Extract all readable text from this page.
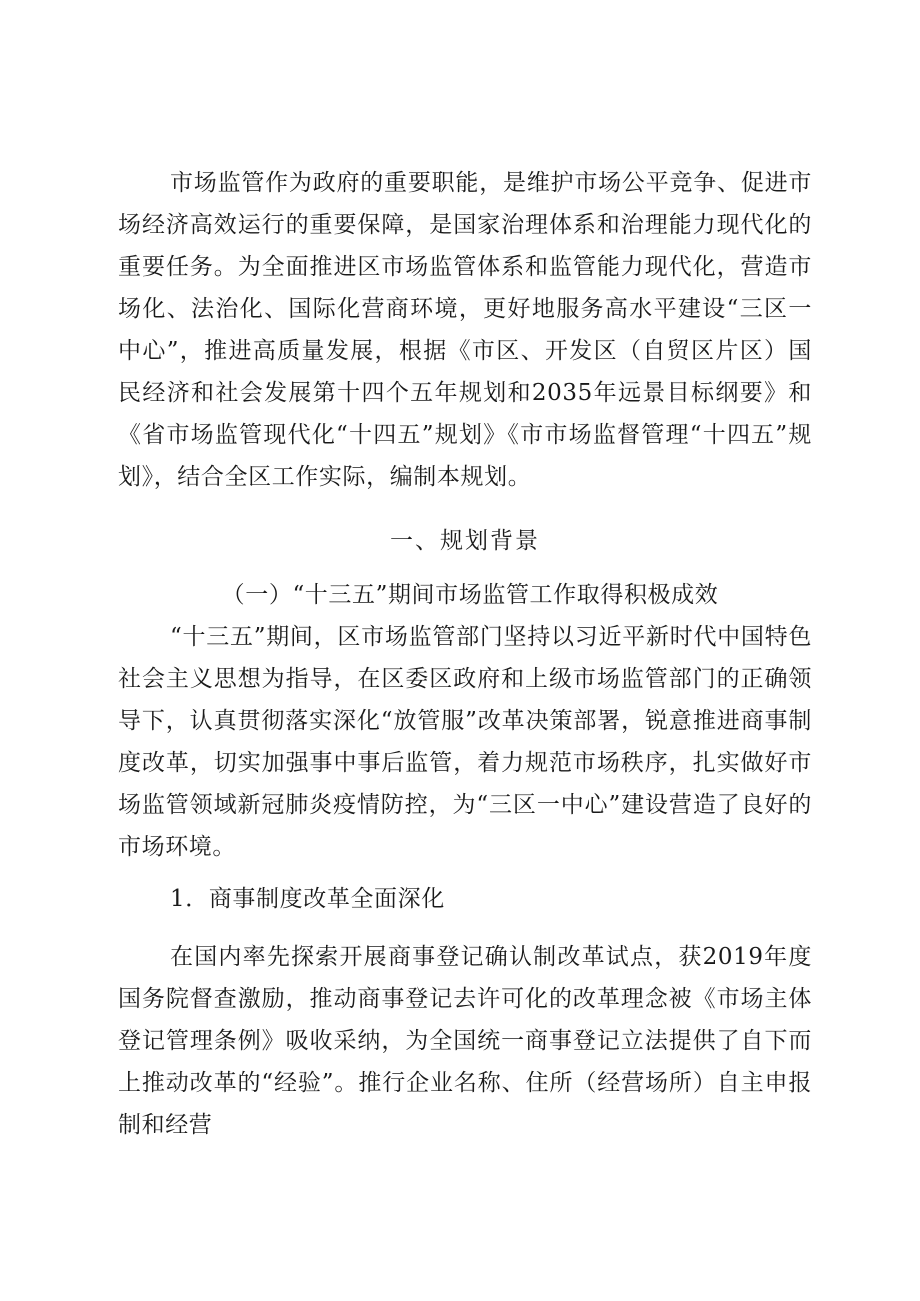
市场监管作为政府的重要职能，是维护市场公平竞争、促进市场经济高效运行的重要保障，是国家治理体系和治理能力现代化的重要任务。为全面推进区市场监管体系和监管能力现代化，营造市场化、法治化、国际化营商环境，更好地服务高水平建设“三区一中心”，推进高质量发展，根据《市区、开发区（自贸区片区）国民经济和社会发展第十四个五年规划和2035年远景目标纲要》和《省市场监管现代化“十四五”规划》《市市场监督管理“十四五”规划》，结合全区工作实际，编制本规划。

一、规划背景

（一）“十三五”期间市场监管工作取得积极成效

“十三五”期间，区市场监管部门坚持以习近平新时代中国特色社会主义思想为指导，在区委区政府和上级市场监管部门的正确领导下，认真贯彻落实深化“放管服”改革决策部署，锐意推进商事制度改革，切实加强事中事后监管，着力规范市场秩序，扎实做好市场监管领域新冠肺炎疫情防控，为“三区一中心”建设营造了良好的市场环境。

1．商事制度改革全面深化

在国内率先探索开展商事登记确认制改革试点，获2019年度国务院督查激励，推动商事登记去许可化的改革理念被《市场主体登记管理条例》吸收采纳，为全国统一商事登记立法提供了自下而上推动改革的“经验”。推行企业名称、住所（经营场所）自主申报制和经营
